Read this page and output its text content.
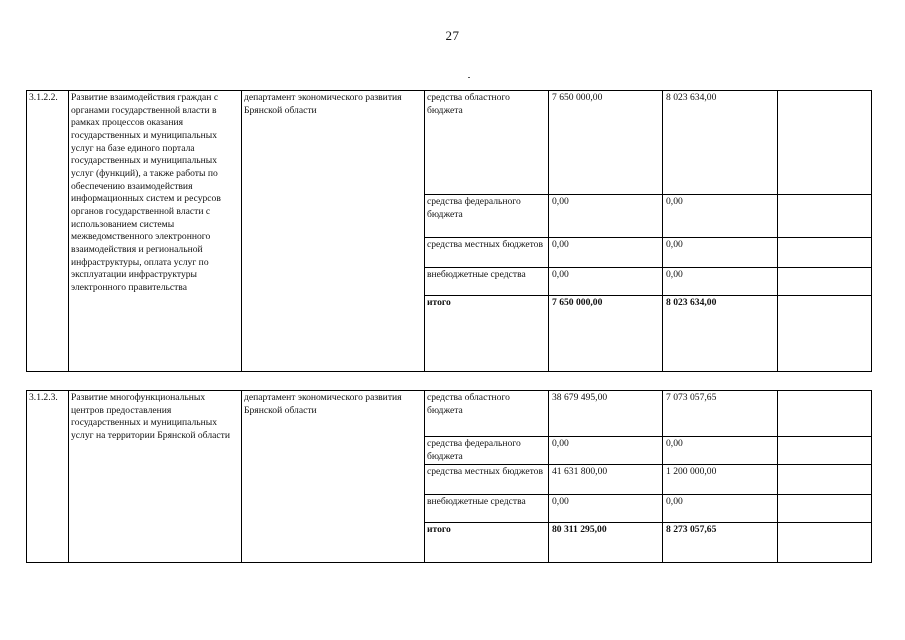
27
3.1.2.2.	Развитие взаимодействия граждан с органами государственной власти в рамках процессов оказания государственных и муниципальных услуг на базе единого портала государственных и муниципальных услуг (функций), а также работы по обеспечению взаимодействия информационных систем и ресурсов органов государственной власти с использованием системы межведомственного электронного взаимодействия и региональной инфраструктуры, оплата услуг по эксплуатации инфраструктуры электронного правительства	департамент экономического развития Брянской области	средства областного бюджета	7 650 000,00	8 023 634,00	
			средства федерального бюджета	0,00	0,00	
			средства местных бюджетов	0,00	0,00	
			внебюджетные средства	0,00	0,00	
			итого	7 650 000,00	8 023 634,00	

3.1.2.3.	Развитие многофункциональных центров предоставления государственных и муниципальных услуг на территории Брянской области	департамент экономического развития Брянской области	средства областного бюджета	38 679 495,00	7 073 057,65	
			средства федерального бюджета	0,00	0,00	
			средства местных бюджетов	41 631 800,00	1 200 000,00	
			внебюджетные средства	0,00	0,00	
			итого	80 311 295,00	8 273 057,65	
